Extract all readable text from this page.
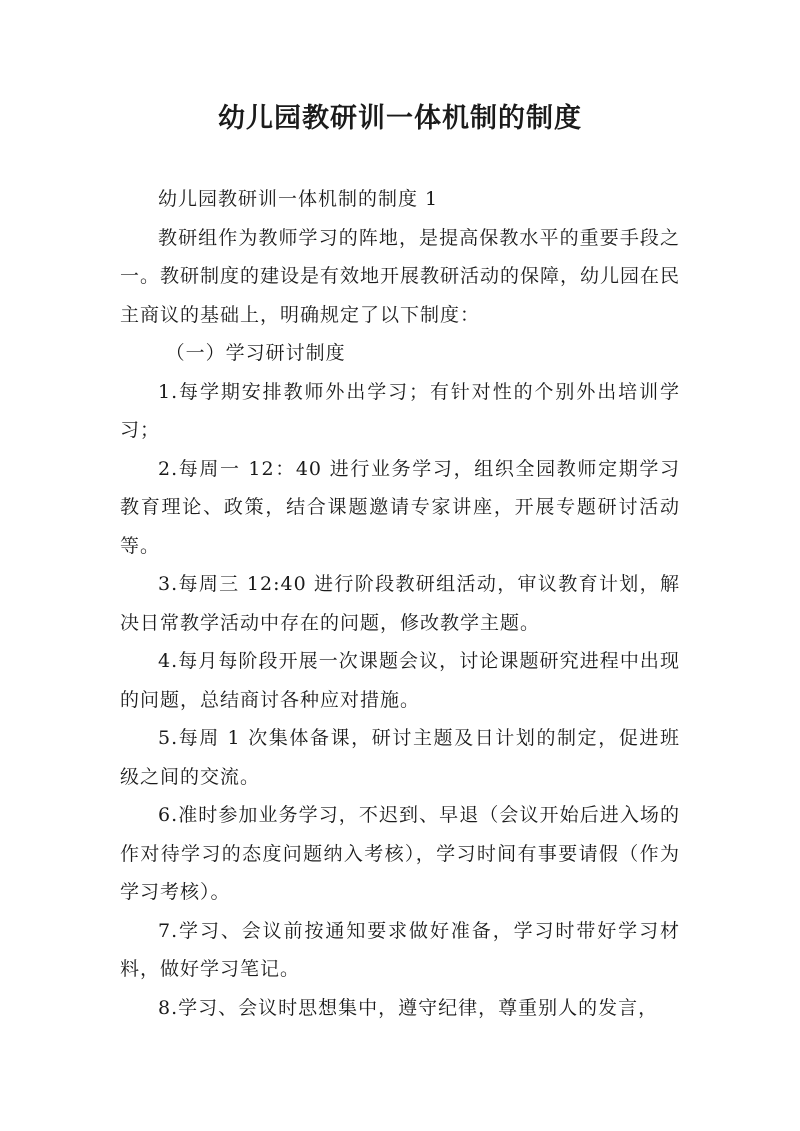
幼儿园教研训一体机制的制度

幼儿园教研训一体机制的制度 1

教研组作为教师学习的阵地，是提高保教水平的重要手段之一。教研制度的建设是有效地开展教研活动的保障，幼儿园在民主商议的基础上，明确规定了以下制度：

（一）学习研讨制度

1.每学期安排教师外出学习；有针对性的个别外出培训学习；

2.每周一 12：40 进行业务学习，组织全园教师定期学习教育理论、政策，结合课题邀请专家讲座，开展专题研讨活动等。

3.每周三 12:40 进行阶段教研组活动，审议教育计划，解决日常教学活动中存在的问题，修改教学主题。

4.每月每阶段开展一次课题会议，讨论课题研究进程中出现的问题，总结商讨各种应对措施。

5.每周 1 次集体备课，研讨主题及日计划的制定，促进班级之间的交流。

6.准时参加业务学习，不迟到、早退（会议开始后进入场的作对待学习的态度问题纳入考核），学习时间有事要请假（作为学习考核）。

7.学习、会议前按通知要求做好准备，学习时带好学习材料，做好学习笔记。

8.学习、会议时思想集中，遵守纪律，尊重别人的发言，
